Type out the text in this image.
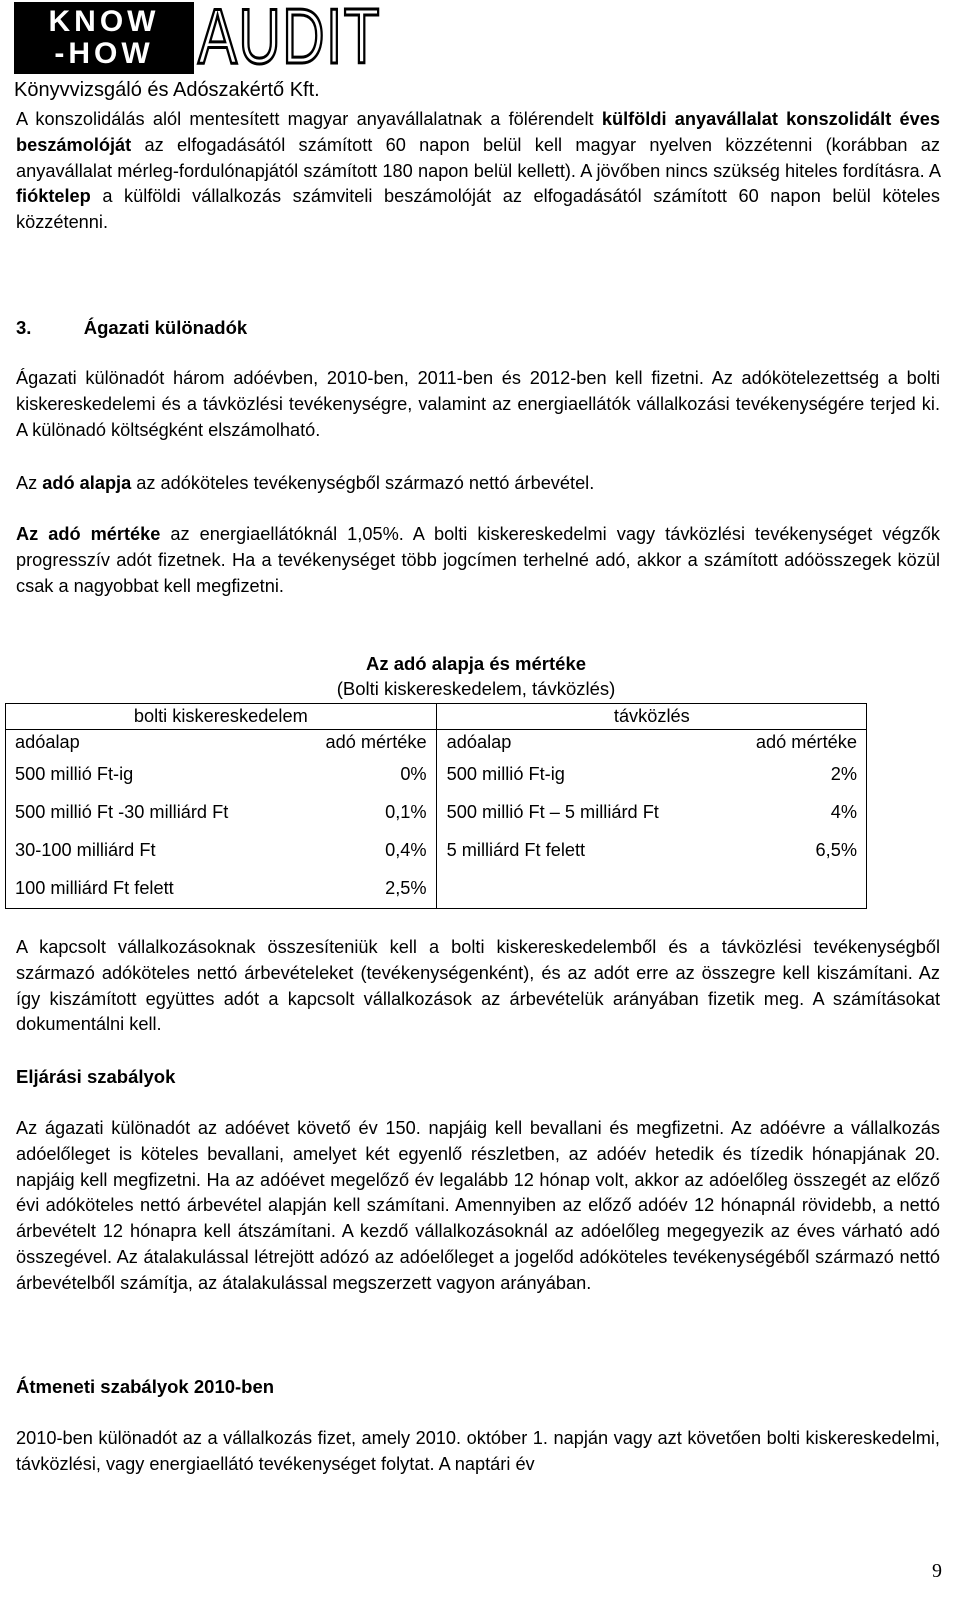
KNOW
-HOW AUDIT
Könyvvizsgáló és Adószakértő Kft.

A konszolidálás alól mentesített magyar anyavállalatnak a fölérendelt külföldi anyavállalat konszolidált éves beszámolóját az elfogadásától számított 60 napon belül kell magyar nyelven közzétenni (korábban az anyavállalat mérleg-fordulónapjától számított 180 napon belül kellett). A jövőben nincs szükség hiteles fordításra. A fióktelep a külföldi vállalkozás számviteli beszámolóját az elfogadásától számított 60 napon belül köteles közzétenni.

3.	Ágazati különadók

Ágazati különadót három adóévben, 2010-ben, 2011-ben és 2012-ben kell fizetni. Az adókötelezettség a bolti kiskereskedelemi és a távközlési tevékenységre, valamint az energiaellátók vállalkozási tevékenységére terjed ki. A különadó költségként elszámolható.

Az adó alapja az adóköteles tevékenységből származó nettó árbevétel.

Az adó mértéke az energiaellátóknál 1,05%. A bolti kiskereskedelmi vagy távközlési tevékenységet végzők progresszív adót fizetnek. Ha a tevékenységet több jogcímen terhelné adó, akkor a számított adóösszegek közül csak a nagyobbat kell megfizetni.

Az adó alapja és mértéke
(Bolti kiskereskedelem, távközlés)
bolti kiskereskedelem		távközlés	
adóalap	adó mértéke	adóalap	adó mértéke
500 millió Ft-ig	0%	500 millió Ft-ig	2%
500 millió Ft -30 milliárd Ft	0,1%	500 millió Ft – 5 milliárd Ft	4%
30-100 milliárd Ft	0,4%	5 milliárd Ft felett	6,5%
100 milliárd Ft felett	2,5%		

A kapcsolt vállalkozásoknak összesíteniük kell a bolti kiskereskedelemből és a távközlési tevékenységből származó adóköteles nettó árbevételeket (tevékenységenként), és az adót erre az összegre kell kiszámítani. Az így kiszámított együttes adót a kapcsolt vállalkozások az árbevételük arányában fizetik meg. A számításokat dokumentálni kell.

Eljárási szabályok

Az ágazati különadót az adóévet követő év 150. napjáig kell bevallani és megfizetni. Az adóévre a vállalkozás adóelőleget is köteles bevallani, amelyet két egyenlő részletben, az adóév hetedik és tízedik hónapjának 20. napjáig kell megfizetni. Ha az adóévet megelőző év legalább 12 hónap volt, akkor az adóelőleg összegét az előző évi adóköteles nettó árbevétel alapján kell számítani. Amennyiben az előző adóév 12 hónapnál rövidebb, a nettó árbevételt 12 hónapra kell átszámítani. A kezdő vállalkozásoknál az adóelőleg megegyezik az éves várható adó összegével. Az átalakulással létrejött adózó az adóelőleget a jogelőd adóköteles tevékenységéből származó nettó árbevételből számítja, az átalakulással megszerzett vagyon arányában.

Átmeneti szabályok 2010-ben

2010-ben különadót az a vállalkozás fizet, amely 2010. október 1. napján vagy azt követően bolti kiskereskedelmi, távközlési, vagy energiaellátó tevékenységet folytat. A naptári év

9
